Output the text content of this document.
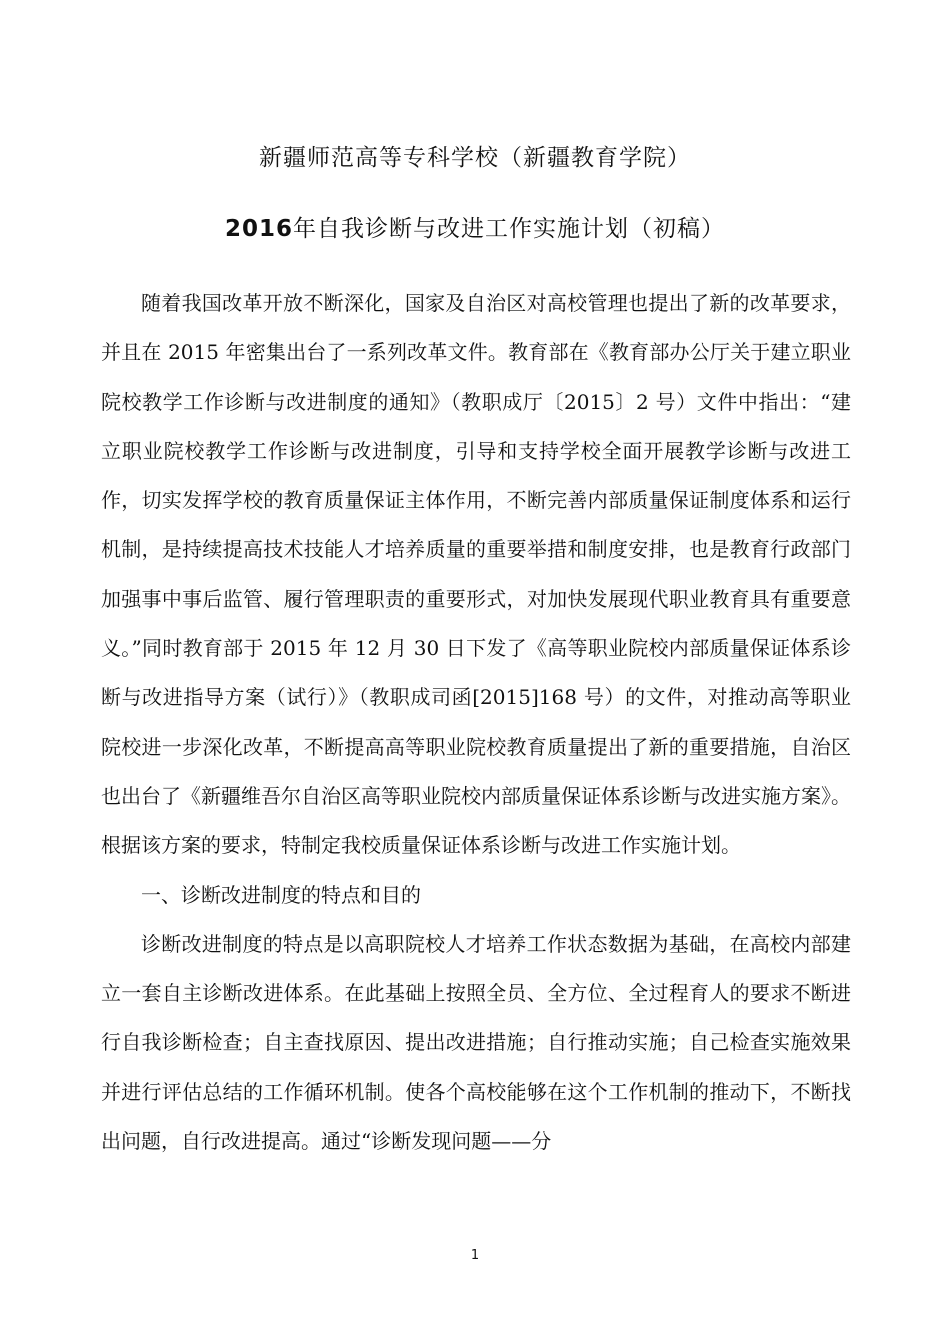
新疆师范高等专科学校（新疆教育学院）
2016年自我诊断与改进工作实施计划（初稿）

随着我国改革开放不断深化，国家及自治区对高校管理也提出了新的改革要求，并且在 2015 年密集出台了一系列改革文件。教育部在《教育部办公厅关于建立职业院校教学工作诊断与改进制度的通知》（教职成厅〔2015〕2 号）文件中指出：“建立职业院校教学工作诊断与改进制度，引导和支持学校全面开展教学诊断与改进工作，切实发挥学校的教育质量保证主体作用，不断完善内部质量保证制度体系和运行机制，是持续提高技术技能人才培养质量的重要举措和制度安排，也是教育行政部门加强事中事后监管、履行管理职责的重要形式，对加快发展现代职业教育具有重要意义。”同时教育部于 2015 年 12 月 30 日下发了《高等职业院校内部质量保证体系诊断与改进指导方案（试行）》（教职成司函[2015]168 号）的文件，对推动高等职业院校进一步深化改革，不断提高高等职业院校教育质量提出了新的重要措施，自治区也出台了《新疆维吾尔自治区高等职业院校内部质量保证体系诊断与改进实施方案》。根据该方案的要求，特制定我校质量保证体系诊断与改进工作实施计划。

一、诊断改进制度的特点和目的

诊断改进制度的特点是以高职院校人才培养工作状态数据为基础，在高校内部建立一套自主诊断改进体系。在此基础上按照全员、全方位、全过程育人的要求不断进行自我诊断检查；自主查找原因、提出改进措施；自行推动实施；自己检查实施效果并进行评估总结的工作循环机制。使各个高校能够在这个工作机制的推动下，不断找出问题，自行改进提高。通过“诊断发现问题——分

1
